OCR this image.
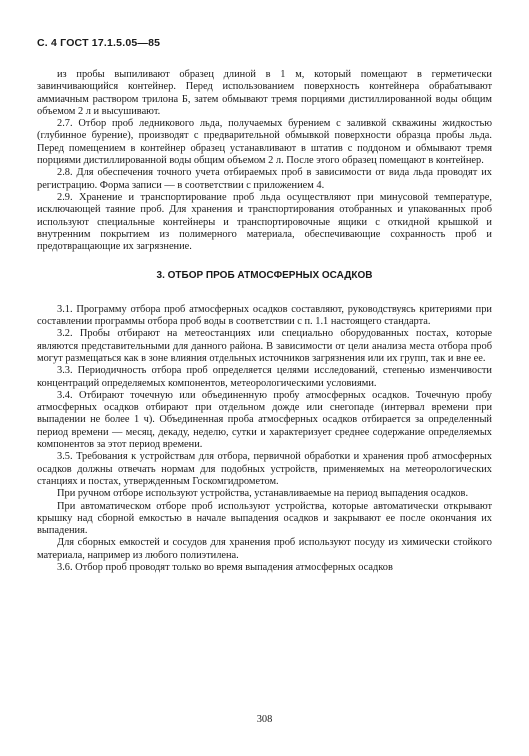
С. 4 ГОСТ 17.1.5.05—85

из пробы выпиливают образец длиной в 1 м, который помещают в герметически завинчивающийся контейнер. Перед использованием поверхность контейнера обрабатывают аммиачным раствором трилона Б, затем обмывают тремя порциями дистиллированной воды общим объемом 2 л и высушивают.

2.7. Отбор проб ледникового льда, получаемых бурением с заливкой скважины жидкостью (глубинное бурение), производят с предварительной обмывкой поверхности образца пробы льда. Перед помещением в контейнер образец устанавливают в штатив с поддоном и обмывают тремя порциями дистиллированной воды общим объемом 2 л. После этого образец помещают в контейнер.

2.8. Для обеспечения точного учета отбираемых проб в зависимости от вида льда проводят их регистрацию. Форма записи — в соответствии с приложением 4.

2.9. Хранение и транспортирование проб льда осуществляют при минусовой температуре, исключающей таяние проб. Для хранения и транспортирования отобранных и упакованных проб используют специальные контейнеры и транспортировочные ящики с откидной крышкой и внутренним покрытием из полимерного материала, обеспечивающие сохранность проб и предотвращающие их загрязнение.

3. ОТБОР ПРОБ АТМОСФЕРНЫХ ОСАДКОВ

3.1. Программу отбора проб атмосферных осадков составляют, руководствуясь критериями при составлении программы отбора проб воды в соответствии с п. 1.1 настоящего стандарта.

3.2. Пробы отбирают на метеостанциях или специально оборудованных постах, которые являются представительными для данного района. В зависимости от цели анализа места отбора проб могут размещаться как в зоне влияния отдельных источников загрязнения или их групп, так и вне ее.

3.3. Периодичность отбора проб определяется целями исследований, степенью изменчивости концентраций определяемых компонентов, метеорологическими условиями.

3.4. Отбирают точечную или объединенную пробу атмосферных осадков. Точечную пробу атмосферных осадков отбирают при отдельном дожде или снегопаде (интервал времени при выпадении не более 1 ч). Объединенная проба атмосферных осадков отбирается за определенный период времени — месяц, декаду, неделю, сутки и характеризует среднее содержание определяемых компонентов за этот период времени.

3.5. Требования к устройствам для отбора, первичной обработки и хранения проб атмосферных осадков должны отвечать нормам для подобных устройств, применяемых на метеорологических станциях и постах, утвержденным Госкомгидрометом.

При ручном отборе используют устройства, устанавливаемые на период выпадения осадков.

При автоматическом отборе проб используют устройства, которые автоматически открывают крышку над сборной емкостью в начале выпадения осадков и закрывают ее после окончания их выпадения.

Для сборных емкостей и сосудов для хранения проб используют посуду из химически стойкого материала, например из любого полиэтилена.

3.6. Отбор проб проводят только во время выпадения атмосферных осадков

308
